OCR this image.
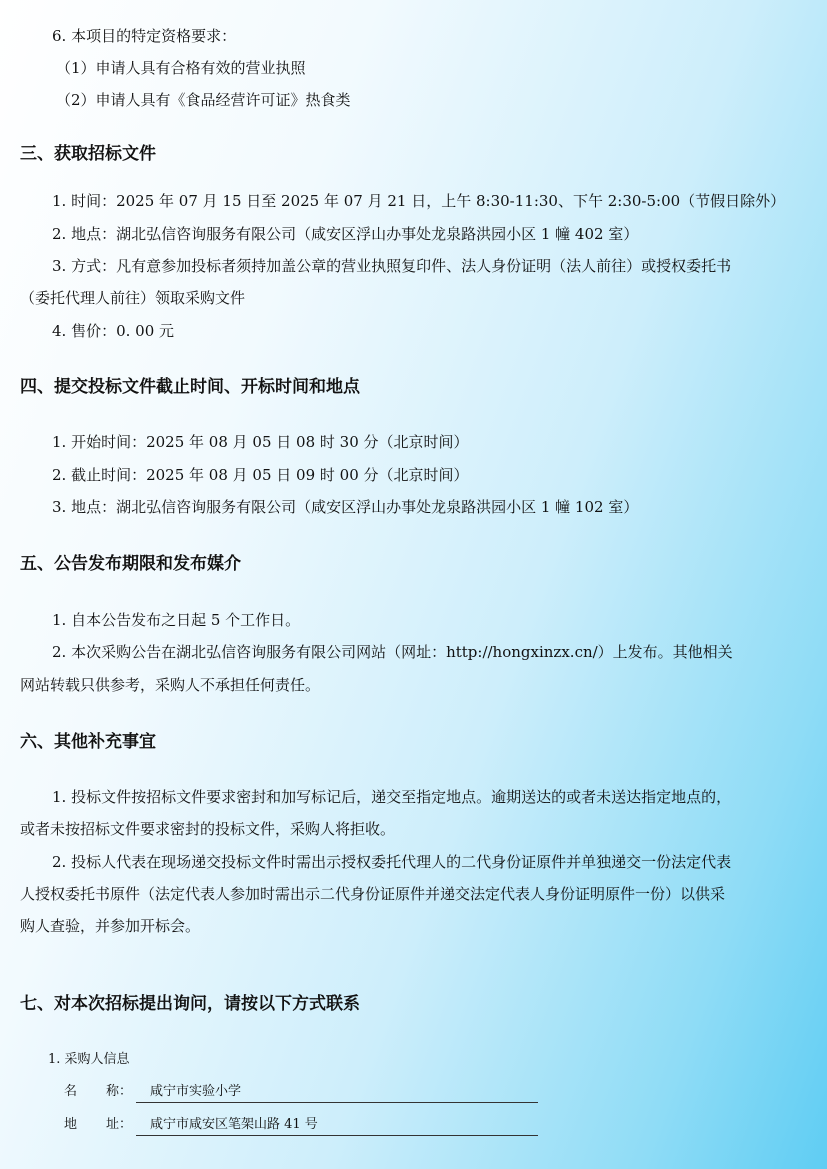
6. 本项目的特定资格要求：
（1）申请人具有合格有效的营业执照
（2）申请人具有《食品经营许可证》热食类
三、获取招标文件
1. 时间：2025 年 07 月 15 日至 2025 年 07 月 21 日，上午 8:30-11:30、下午 2:30-5:00（节假日除外）
2. 地点：湖北弘信咨询服务有限公司（咸安区浮山办事处龙泉路洪园小区 1 幢 402 室）
3. 方式：凡有意参加投标者须持加盖公章的营业执照复印件、法人身份证明（法人前往）或授权委托书
（委托代理人前往）领取采购文件
4. 售价：0. 00 元
四、提交投标文件截止时间、开标时间和地点
1. 开始时间：2025 年 08 月 05 日 08 时 30 分（北京时间）
2. 截止时间：2025 年 08 月 05 日 09 时 00 分（北京时间）
3. 地点：湖北弘信咨询服务有限公司（咸安区浮山办事处龙泉路洪园小区 1 幢 102 室）
五、公告发布期限和发布媒介
1. 自本公告发布之日起 5 个工作日。
2. 本次采购公告在湖北弘信咨询服务有限公司网站（网址：http://hongxinzx.cn/）上发布。其他相关
网站转载只供参考，采购人不承担任何责任。
六、其他补充事宜
1. 投标文件按招标文件要求密封和加写标记后，递交至指定地点。逾期送达的或者未送达指定地点的，
或者未按招标文件要求密封的投标文件，采购人将拒收。
2. 投标人代表在现场递交投标文件时需出示授权委托代理人的二代身份证原件并单独递交一份法定代表
人授权委托书原件（法定代表人参加时需出示二代身份证原件并递交法定代表人身份证明原件一份）以供采
购人查验，并参加开标会。
七、对本次招标提出询问，请按以下方式联系
1. 采购人信息
名 称：	咸宁市实验小学
地 址：	咸宁市咸安区笔架山路 41 号
